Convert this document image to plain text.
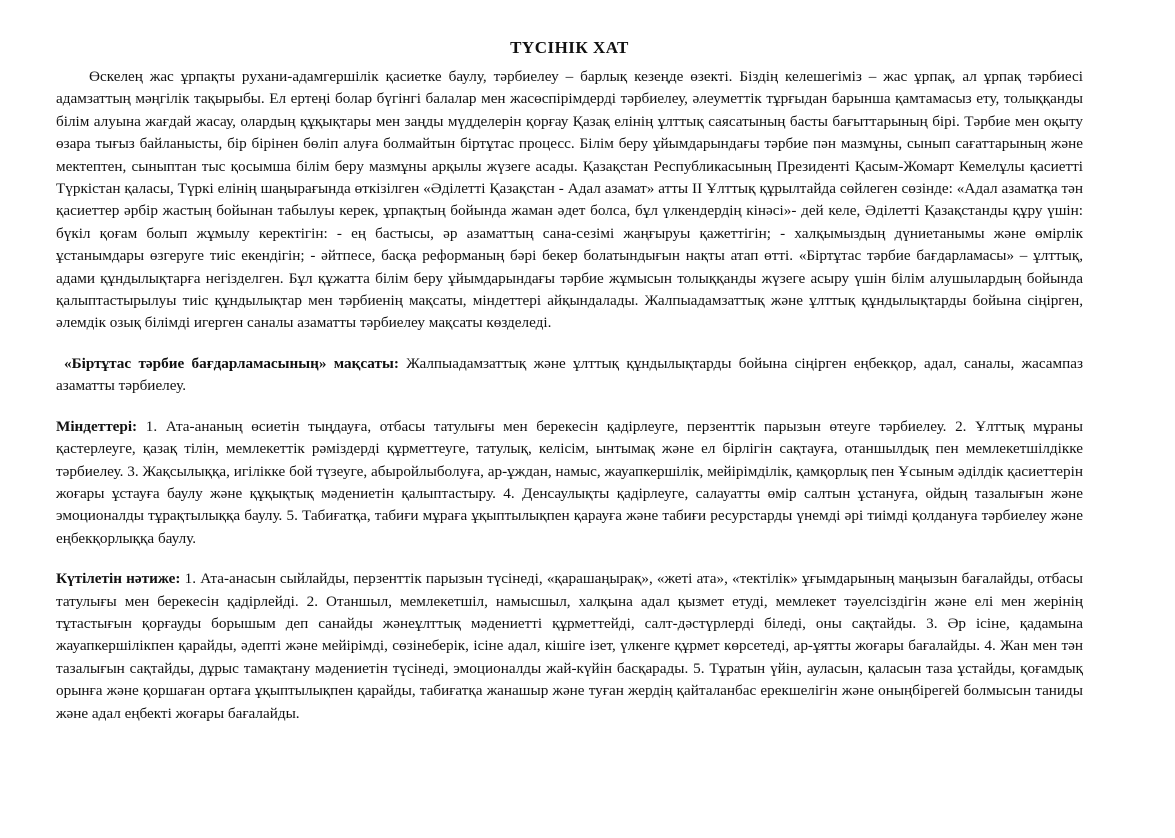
ТҮСІНІК ХАТ

Өскелең жас ұрпақты рухани-адамгершілік қасиетке баулу, тәрбиелеу – барлық кезеңде өзекті. Біздің келешегіміз – жас ұрпақ, ал ұрпақ тәрбиесі адамзаттың мәңгілік тақырыбы. Ел ертеңі болар бүгінгі балалар мен жасөспірімдерді тәрбиелеу, әлеуметтік тұрғыдан барынша қамтамасыз ету, толыққанды білім алуына жағдай жасау, олардың құқықтары мен заңды мүдделерін қорғау Қазақ елінің ұлттық саясатының басты бағыттарының бірі. Тәрбие мен оқыту өзара тығыз байланысты, бір бірінен бөліп алуға болмайтын біртұтас процесс. Білім беру ұйымдарындағы тәрбие пән мазмұны, сынып сағаттарының және мектептен, сыныптан тыс қосымша білім беру мазмұны арқылы жүзеге асады. Қазақстан Республикасының Президенті Қасым-Жомарт Кемелұлы қасиетті Түркістан қаласы, Түркі елінің шаңырағында өткізілген «Әділетті Қазақстан - Адал азамат» атты II Ұлттық құрылтайда сөйлеген сөзінде: «Адал азаматқа тән қасиеттер әрбір жастың бойынан табылуы керек, ұрпақтың бойында жаман әдет болса, бұл үлкендердің кінәсі»- дей келе, Әділетті Қазақстанды құру үшін: бүкіл қоғам болып жұмылу керектігін: - ең бастысы, әр азаматтың сана-сезімі жаңғыруы қажеттігін; - халқымыздың дүниетанымы және өмірлік ұстанымдары өзгеруге тиіс екендігін; - әйтпесе, басқа реформаның бәрі бекер болатындығын нақты атап өтті. «Біртұтас тәрбие бағдарламасы» – ұлттық, адами құндылықтарға негізделген. Бұл құжатта білім беру ұйымдарындағы тәрбие жұмысын толыққанды жүзеге асыру үшін білім алушылардың бойында қалыптастырылуы тиіс құндылықтар мен тәрбиенің мақсаты, міндеттері айқындалады. Жалпыадамзаттық және ұлттық құндылықтарды бойына сіңірген, әлемдік озық білімді игерген саналы азаматты тәрбиелеу мақсаты көзделеді.

«Біртұтас тәрбие бағдарламасының» мақсаты: Жалпыадамзаттық және ұлттық құндылықтарды бойына сіңірген еңбекқор, адал, саналы, жасампаз азаматты тәрбиелеу.

Міндеттері: 1. Ата-ананың өсиетін тыңдауға, отбасы татулығы мен берекесін қадірлеуге, перзенттік парызын өтеуге тәрбиелеу. 2. Ұлттық мұраны қастерлеуге, қазақ тілін, мемлекеттік рәміздерді құрметтеуге, татулық, келісім, ынтымақ және ел бірлігін сақтауға, отаншылдық пен мемлекетшілдікке тәрбиелеу. 3. Жақсылыққа, игілікке бой түзеуге, абыройлыболуға, ар-ұждан, намыс, жауапкершілік, мейірімділік, қамқорлық пен Ұсыным әділдік қасиеттерін жоғары ұстауға баулу және құқықтық мәдениетін қалыптастыру. 4. Денсаулықты қадірлеуге, салауатты өмір салтын ұстануға, ойдың тазалығын және эмоционалды тұрақтылыққа баулу. 5. Табиғатқа, табиғи мұраға ұқыптылықпен қарауға және табиғи ресурстарды үнемді әрі тиімді қолдануға тәрбиелеу және еңбекқорлыққа баулу.

Күтілетін нәтиже: 1. Ата-анасын сыйлайды, перзенттік парызын түсінеді, «қарашаңырақ», «жеті ата», «тектілік» ұғымдарының маңызын бағалайды, отбасы татулығы мен берекесін қадірлейді. 2. Отаншыл, мемлекетшіл, намысшыл, халқына адал қызмет етуді, мемлекет тәуелсіздігін және елі мен жерінің тұтастығын қорғауды борышым деп санайды жәнеұлттық мәдениетті құрметтейді, салт-дәстүрлерді біледі, оны сақтайды. 3. Әр ісіне, қадамына жауапкершілікпен қарайды, әдепті және мейірімді, сөзінеберік, ісіне адал, кішіге ізет, үлкенге құрмет көрсетеді, ар-ұятты жоғары бағалайды. 4. Жан мен тән тазалығын сақтайды, дұрыс тамақтану мәдениетін түсінеді, эмоционалды жай-күйін басқарады. 5. Тұратын үйін, ауласын, қаласын таза ұстайды, қоғамдық орынға және қоршаған ортаға ұқыптылықпен қарайды, табиғатқа жанашыр және туған жердің қайталанбас ерекшелігін және оныңбірегей болмысын таниды және адал еңбекті жоғары бағалайды.
